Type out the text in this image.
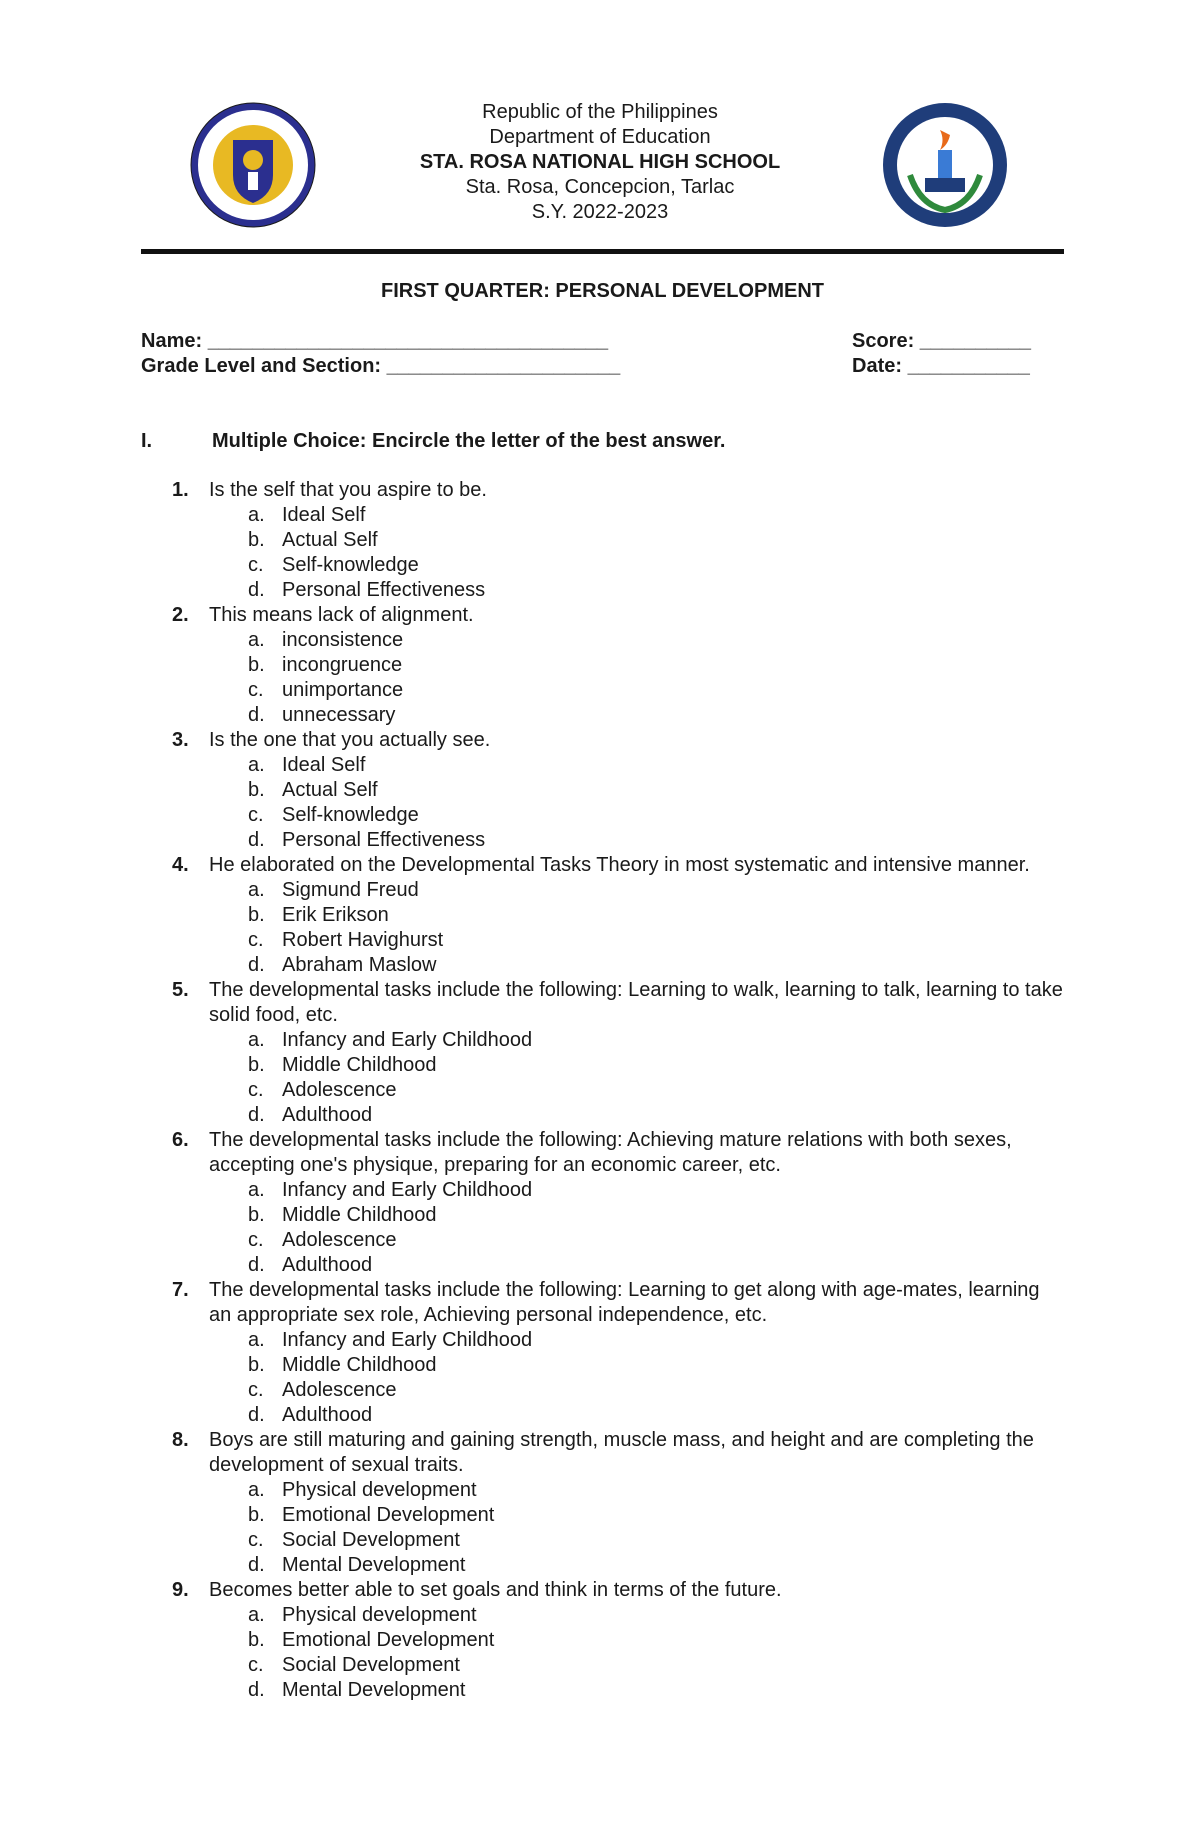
Republic of the Philippines
Department of Education
STA. ROSA NATIONAL HIGH SCHOOL
Sta. Rosa, Concepcion, Tarlac
S.Y. 2022-2023
FIRST QUARTER: PERSONAL DEVELOPMENT
Name: ____________________________________	Score: __________
Grade Level and Section: _____________________	Date: ___________
I.	Multiple Choice: Encircle the letter of the best answer.
1. Is the self that you aspire to be.
a. Ideal Self
b. Actual Self
c. Self-knowledge
d. Personal Effectiveness
2. This means lack of alignment.
a. inconsistence
b. incongruence
c. unimportance
d. unnecessary
3. Is the one that you actually see.
a. Ideal Self
b. Actual Self
c. Self-knowledge
d. Personal Effectiveness
4. He elaborated on the Developmental Tasks Theory in most systematic and intensive manner.
a. Sigmund Freud
b. Erik Erikson
c. Robert Havighurst
d. Abraham Maslow
5. The developmental tasks include the following: Learning to walk, learning to talk, learning to take solid food, etc.
a. Infancy and Early Childhood
b. Middle Childhood
c. Adolescence
d. Adulthood
6. The developmental tasks include the following: Achieving mature relations with both sexes, accepting one's physique, preparing for an economic career, etc.
a. Infancy and Early Childhood
b. Middle Childhood
c. Adolescence
d. Adulthood
7. The developmental tasks include the following: Learning to get along with age-mates, learning an appropriate sex role, Achieving personal independence, etc.
a. Infancy and Early Childhood
b. Middle Childhood
c. Adolescence
d. Adulthood
8. Boys are still maturing and gaining strength, muscle mass, and height and are completing the development of sexual traits.
a. Physical development
b. Emotional Development
c. Social Development
d. Mental Development
9. Becomes better able to set goals and think in terms of the future.
a. Physical development
b. Emotional Development
c. Social Development
d. Mental Development
